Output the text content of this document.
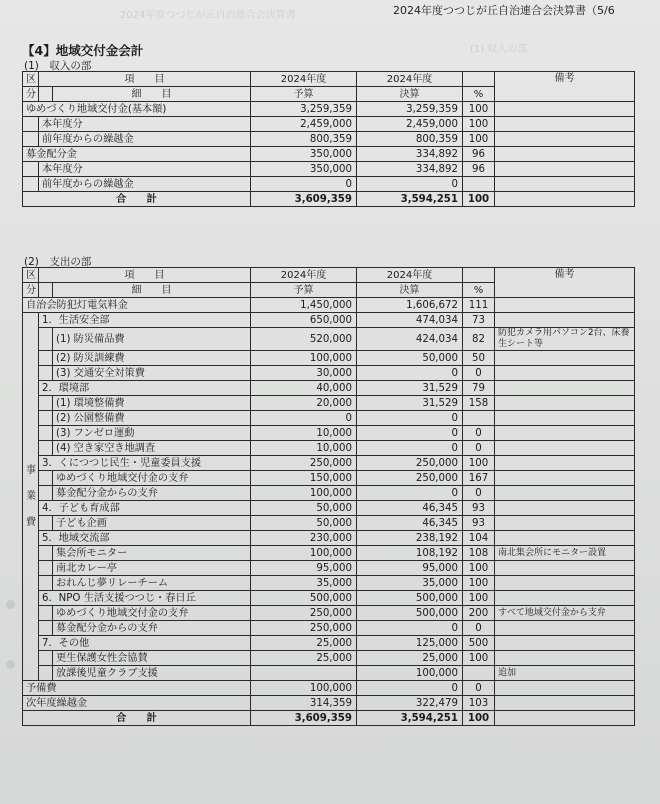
2024年度つつじが丘自治連合会決算書
(1) 収入の部
2024年度つつじが丘自治連合会決算書（5/6
【4】地域交付金会計
(1)　収入の部
区	項　　目		2024年度	2024年度		備考
分		細　　目	予算	決算	%	
ゆめづくり地域交付金(基本額)			3,259,359	3,259,359	100	
	本年度分		2,459,000	2,459,000	100	
	前年度からの繰越金		800,359	800,359	100	
募金配分金			350,000	334,892	96	
	本年度分		350,000	334,892	96	
	前年度からの繰越金		0	0		
合　　計			3,609,359	3,594,251	100	
(2)　支出の部
区	項　　目		2024年度	2024年度		備考
分		細　　目	予算	決算	%	
自治会防犯灯電気料金			1,450,000	1,606,672	111	
事業費	1．生活安全部		650,000	474,034	73	
		(1) 防災備品費	520,000	424,034	82	防犯カメラ用パソコン2台、床養生シート等
		(2) 防災訓練費	100,000	50,000	50	
		(3) 交通安全対策費	30,000	0	0	
	2．環境部		40,000	31,529	79	
		(1) 環境整備費	20,000	31,529	158	
		(2) 公園整備費	0	0		
		(3) フンゼロ運動	10,000	0	0	
		(4) 空き家空き地調査	10,000	0	0	
	3．くにつつじ民生・児童委員支援		250,000	250,000	100	
		ゆめづくり地域交付金の支弁	150,000	250,000	167	
		募金配分金からの支弁	100,000	0	0	
	4．子ども育成部		50,000	46,345	93	
		子ども企画	50,000	46,345	93	
	5．地域交流部		230,000	238,192	104	
		集会所モニター	100,000	108,192	108	南北集会所にモニター設置
		南北カレー亭	95,000	95,000	100	
		おれんじ夢リレーチーム	35,000	35,000	100	
	6．NPO 生活支援つつじ・春日丘		500,000	500,000	100	
		ゆめづくり地域交付金の支弁	250,000	500,000	200	すべて地域交付金から支弁
		募金配分金からの支弁	250,000	0	0	
	7．その他		25,000	125,000	500	
		更生保護女性会協賛	25,000	25,000	100	
		放課後児童クラブ支援		100,000		追加
予備費			100,000	0	0	
次年度繰越金			314,359	322,479	103	
合　　計			3,609,359	3,594,251	100	
